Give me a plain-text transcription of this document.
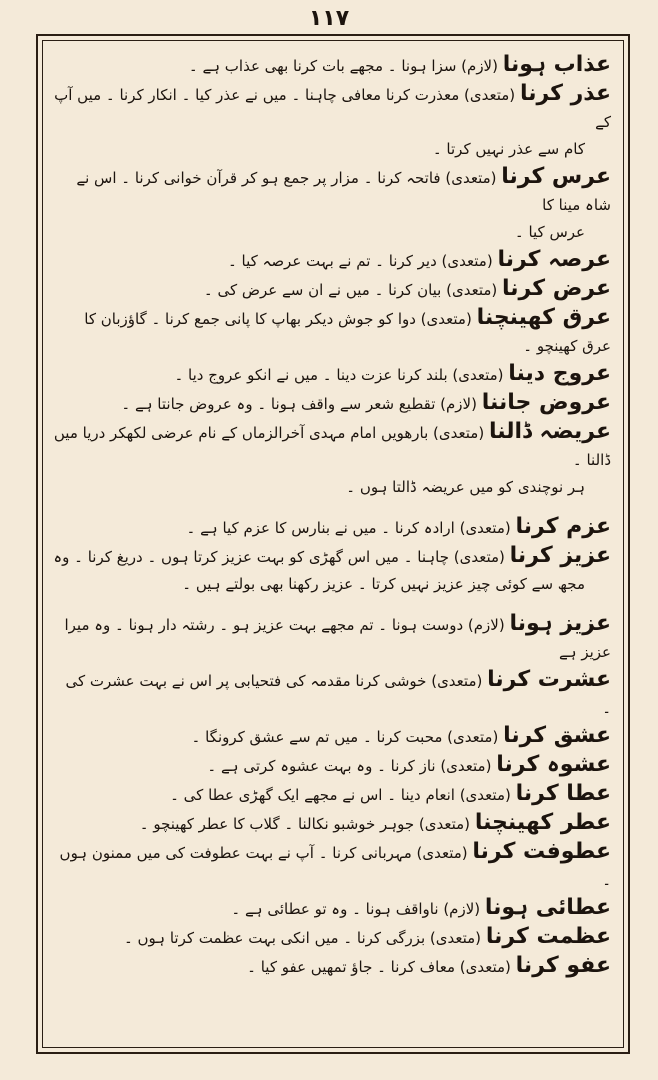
۱۱۷
عذاب ہونا (لازم) سزا ہونا ۔ مجھے بات کرنا بھی عذاب ہے ۔
عذر کرنا (متعدی) معذرت کرنا معافی چاہنا ۔ میں نے عذر کیا ۔ انکار کرنا ۔ میں آپ کے
کام سے عذر نہیں کرتا ۔
عرس کرنا (متعدی) فاتحہ کرنا ۔ مزار پر جمع ہو کر قرآن خوانی کرنا ۔ اس نے شاہ مینا کا
عرس کیا ۔
عرصہ کرنا (متعدی) دیر کرنا ۔ تم نے بہت عرصہ کیا ۔
عرض کرنا (متعدی) بیان کرنا ۔ میں نے ان سے عرض کی ۔
عرق کھینچنا (متعدی) دوا کو جوش دیکر بھاپ کا پانی جمع کرنا ۔ گاؤزبان کا عرق کھینچو ۔
عروج دینا (متعدی) بلند کرنا عزت دینا ۔ میں نے انکو عروج دیا ۔
عروض جاننا (لازم) تقطیع شعر سے واقف ہونا ۔ وہ عروض جانتا ہے ۔
عریضہ ڈالنا (متعدی) بارھویں امام مہدی آخرالزماں کے نام عرضی لکھکر دریا میں ڈالنا ۔
ہر نوچندی کو میں عریضہ ڈالتا ہوں ۔
عزم کرنا (متعدی) ارادہ کرنا ۔ میں نے بنارس کا عزم کیا ہے ۔
عزیز کرنا (متعدی) چاہنا ۔ میں اس گھڑی کو بہت عزیز کرتا ہوں ۔ دریغ کرنا ۔ وہ
مجھ سے کوئی چیز عزیز نہیں کرتا ۔ عزیز رکھنا بھی بولتے ہیں ۔
عزیز ہونا (لازم) دوست ہونا ۔ تم مجھے بہت عزیز ہو ۔ رشتہ دار ہونا ۔ وہ میرا عزیز ہے
عشرت کرنا (متعدی) خوشی کرنا مقدمہ کی فتحیابی پر اس نے بہت عشرت کی ۔
عشق کرنا (متعدی) محبت کرنا ۔ میں تم سے عشق کرونگا ۔
عشوہ کرنا (متعدی) ناز کرنا ۔ وہ بہت عشوہ کرتی ہے ۔
عطا کرنا (متعدی) انعام دینا ۔ اس نے مجھے ایک گھڑی عطا کی ۔
عطر کھینچنا (متعدی) جوہر خوشبو نکالنا ۔ گلاب کا عطر کھینچو ۔
عطوفت کرنا (متعدی) مہربانی کرنا ۔ آپ نے بہت عطوفت کی میں ممنون ہوں ۔
عطائی ہونا (لازم) ناواقف ہونا ۔ وہ تو عطائی ہے ۔
عظمت کرنا (متعدی) بزرگی کرنا ۔ میں انکی بہت عظمت کرتا ہوں ۔
عفو کرنا (متعدی) معاف کرنا ۔ جاؤ تمھیں عفو کیا ۔
